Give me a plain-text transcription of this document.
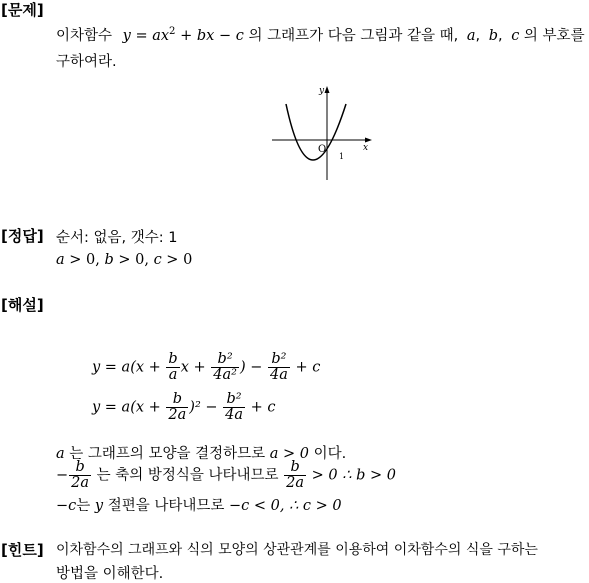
[문제]
이차함수 $y = ax^2$ + bx − c 의 그래프가 다음 그림과 같을 때, a, b, c 의 부호를
구하여라.
y
x
O
1
[정답] 순서: 없음, 갯수: 1
a > 0, b > 0, c > 0
[해설]
$y = a(x + \frac{b}{a}$ $x + \frac{\text{b²}}{\text{4a²}}$ ) − $\frac{\text{b²}}{4a} + c$
$y = a(x + \frac{b}{2a} )^2 - \frac{\text{b²}}{4a} + c$
a 는 그래프의 모양을 결정하므로 a > 0 이다.
− $\frac{b}{2a}$ 는 축의 방정식을 나타내므로 $\frac{b}{2a} > 0$ ∴ b > 0
−c는 y 절편을 나타내므로 −c < 0, ∴ c > 0
[힌트] 이차함수의 그래프와 식의 모양의 상관관계를 이용하여 이차함수의 식을 구하는
방법을 이해한다.
